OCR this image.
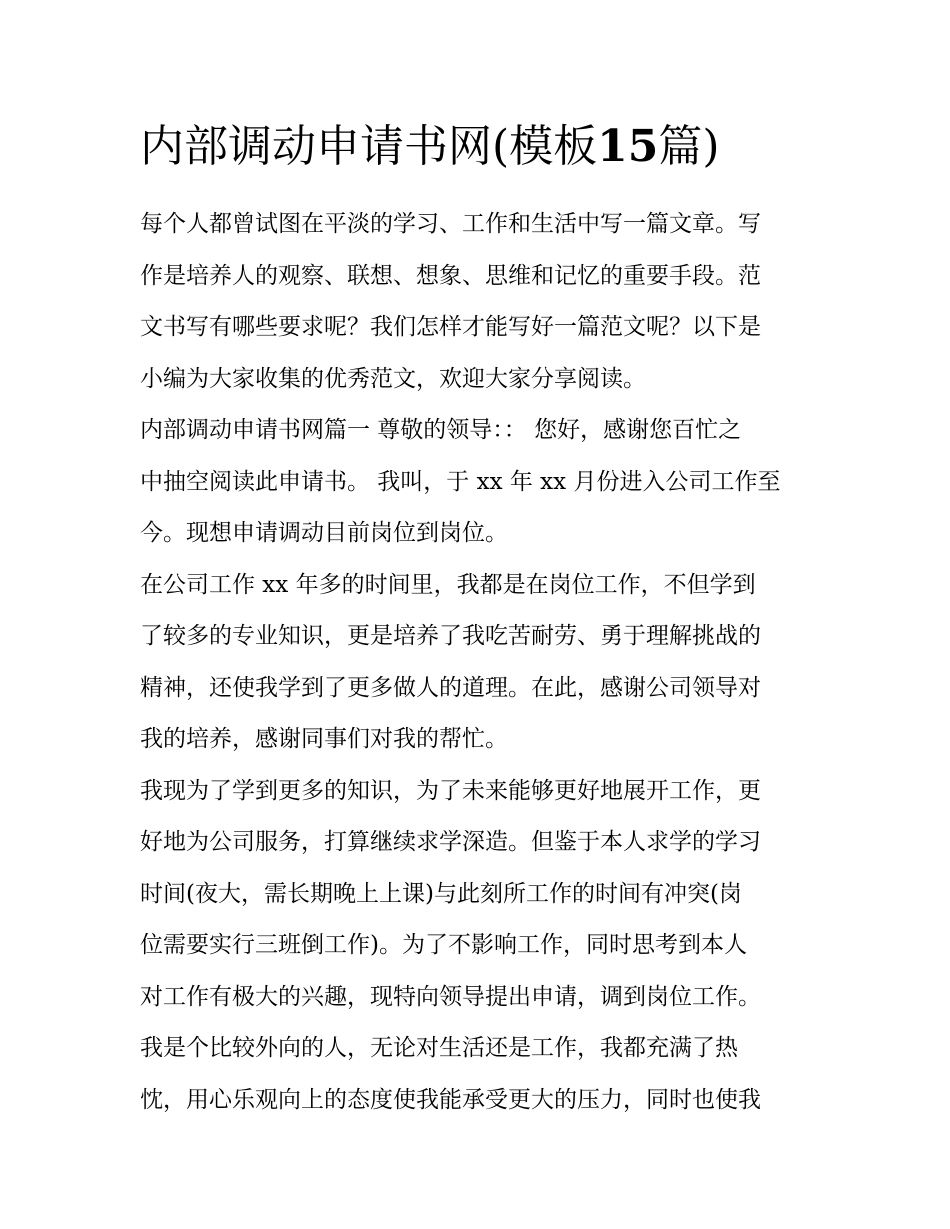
内部调动申请书网(模板15篇)

每个人都曾试图在平淡的学习、工作和生活中写一篇文章。写
作是培养人的观察、联想、想象、思维和记忆的重要手段。范
文书写有哪些要求呢？我们怎样才能写好一篇范文呢？以下是
小编为大家收集的优秀范文，欢迎大家分享阅读。

内部调动申请书网篇一 尊敬的领导：： 您好，感谢您百忙之
中抽空阅读此申请书。 我叫，于 xx 年 xx 月份进入公司工作至
今。现想申请调动目前岗位到岗位。

在公司工作 xx 年多的时间里，我都是在岗位工作，不但学到
了较多的专业知识，更是培养了我吃苦耐劳、勇于理解挑战的
精神，还使我学到了更多做人的道理。在此，感谢公司领导对
我的培养，感谢同事们对我的帮忙。

我现为了学到更多的知识，为了未来能够更好地展开工作，更
好地为公司服务，打算继续求学深造。但鉴于本人求学的学习
时间(夜大，需长期晚上上课)与此刻所工作的时间有冲突(岗
位需要实行三班倒工作)。为了不影响工作，同时思考到本人
对工作有极大的兴趣，现特向领导提出申请，调到岗位工作。
我是个比较外向的人，无论对生活还是工作，我都充满了热
忱，用心乐观向上的态度使我能承受更大的压力，同时也使我
